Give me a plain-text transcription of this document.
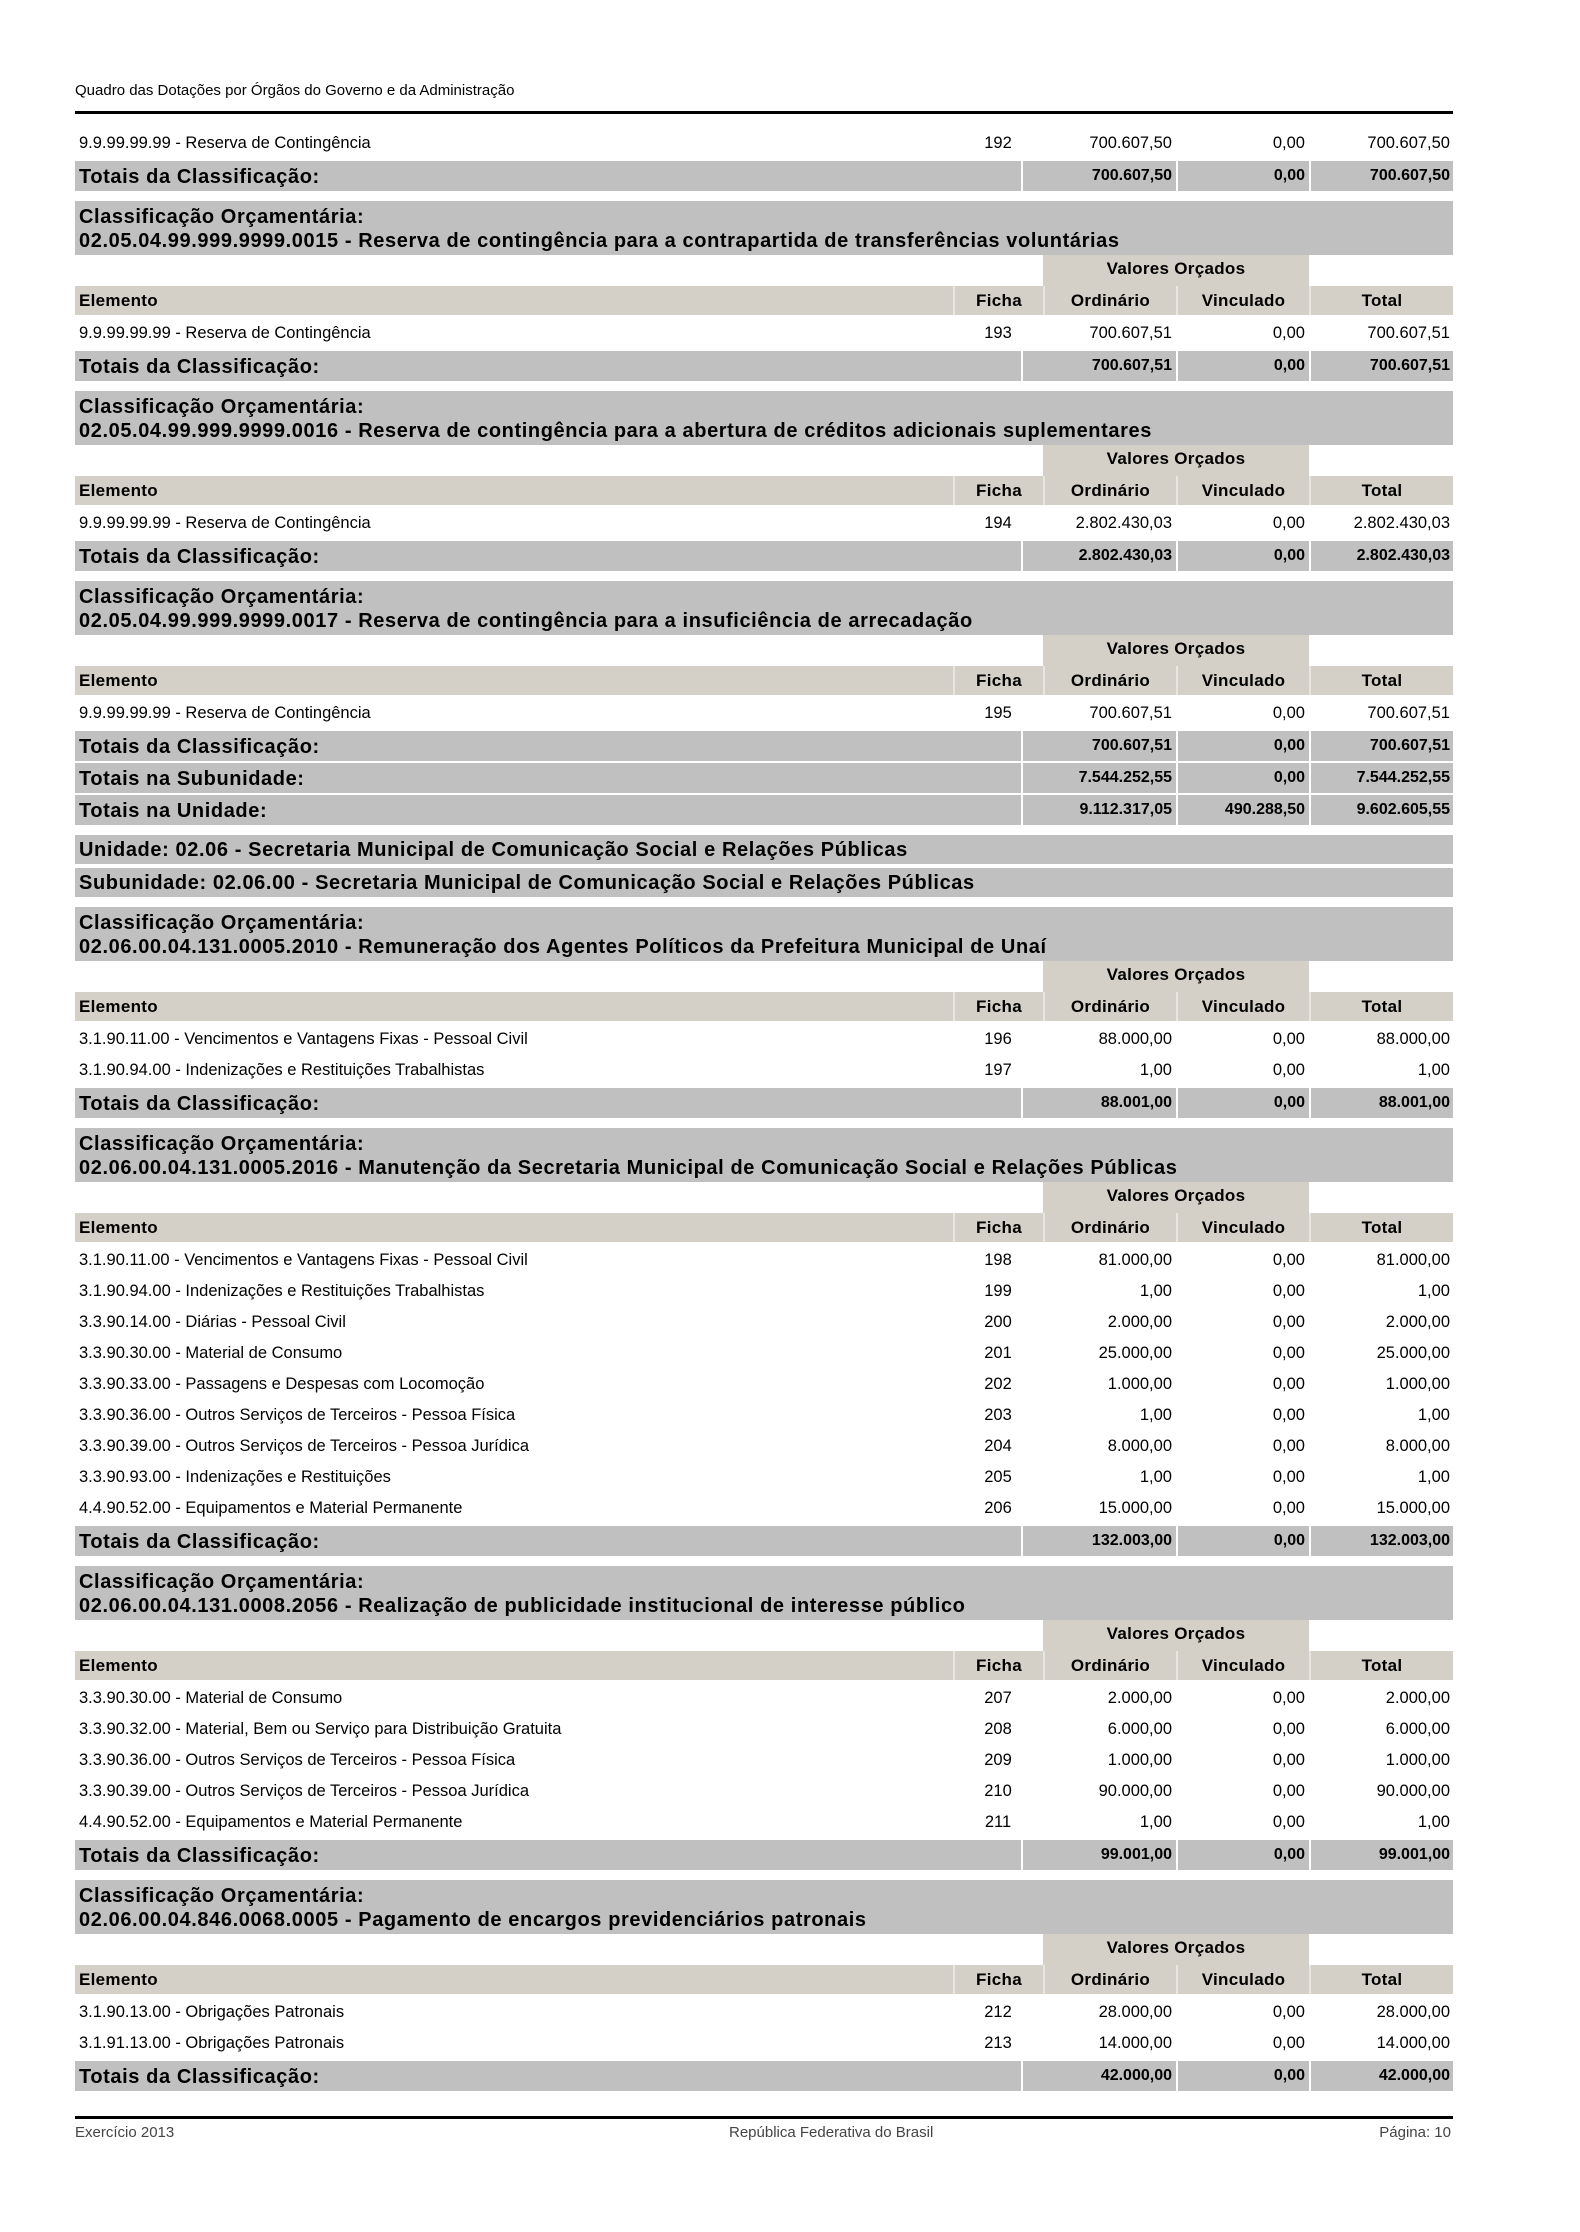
Quadro das Dotações por Órgãos do Governo e da Administração
9.9.99.99.99 - Reserva de Contingência	192	700.607,50	0,00	700.607,50
Totais da Classificação:	700.607,50	0,00	700.607,50
Classificação Orçamentária:
02.05.04.99.999.9999.0015 - Reserva de contingência para a contrapartida de transferências voluntárias
Valores Orçados
Elemento	Ficha	Ordinário	Vinculado	Total
9.9.99.99.99 - Reserva de Contingência	193	700.607,51	0,00	700.607,51
Totais da Classificação:	700.607,51	0,00	700.607,51
Classificação Orçamentária:
02.05.04.99.999.9999.0016 - Reserva de contingência para a abertura de créditos adicionais suplementares
Valores Orçados
Elemento	Ficha	Ordinário	Vinculado	Total
9.9.99.99.99 - Reserva de Contingência	194	2.802.430,03	0,00	2.802.430,03
Totais da Classificação:	2.802.430,03	0,00	2.802.430,03
Classificação Orçamentária:
02.05.04.99.999.9999.0017 - Reserva de contingência para a insuficiência de arrecadação
Valores Orçados
Elemento	Ficha	Ordinário	Vinculado	Total
9.9.99.99.99 - Reserva de Contingência	195	700.607,51	0,00	700.607,51
Totais da Classificação:	700.607,51	0,00	700.607,51
Totais na Subunidade:	7.544.252,55	0,00	7.544.252,55
Totais na Unidade:	9.112.317,05	490.288,50	9.602.605,55
Unidade: 02.06 - Secretaria Municipal de Comunicação Social e Relações Públicas
Subunidade: 02.06.00 - Secretaria Municipal de Comunicação Social e Relações Públicas
Classificação Orçamentária:
02.06.00.04.131.0005.2010 - Remuneração dos Agentes Políticos da Prefeitura Municipal de Unaí
Valores Orçados
Elemento	Ficha	Ordinário	Vinculado	Total
3.1.90.11.00 - Vencimentos e Vantagens Fixas - Pessoal Civil	196	88.000,00	0,00	88.000,00
3.1.90.94.00 - Indenizações e Restituições Trabalhistas	197	1,00	0,00	1,00
Totais da Classificação:	88.001,00	0,00	88.001,00
Classificação Orçamentária:
02.06.00.04.131.0005.2016 - Manutenção da Secretaria Municipal de Comunicação Social e Relações Públicas
Valores Orçados
Elemento	Ficha	Ordinário	Vinculado	Total
3.1.90.11.00 - Vencimentos e Vantagens Fixas - Pessoal Civil	198	81.000,00	0,00	81.000,00
3.1.90.94.00 - Indenizações e Restituições Trabalhistas	199	1,00	0,00	1,00
3.3.90.14.00 - Diárias - Pessoal Civil	200	2.000,00	0,00	2.000,00
3.3.90.30.00 - Material de Consumo	201	25.000,00	0,00	25.000,00
3.3.90.33.00 - Passagens e Despesas com Locomoção	202	1.000,00	0,00	1.000,00
3.3.90.36.00 - Outros Serviços de Terceiros - Pessoa Física	203	1,00	0,00	1,00
3.3.90.39.00 - Outros Serviços de Terceiros - Pessoa Jurídica	204	8.000,00	0,00	8.000,00
3.3.90.93.00 - Indenizações e Restituições	205	1,00	0,00	1,00
4.4.90.52.00 - Equipamentos e Material Permanente	206	15.000,00	0,00	15.000,00
Totais da Classificação:	132.003,00	0,00	132.003,00
Classificação Orçamentária:
02.06.00.04.131.0008.2056 - Realização de publicidade institucional de interesse público
Valores Orçados
Elemento	Ficha	Ordinário	Vinculado	Total
3.3.90.30.00 - Material de Consumo	207	2.000,00	0,00	2.000,00
3.3.90.32.00 - Material, Bem ou Serviço para Distribuição Gratuita	208	6.000,00	0,00	6.000,00
3.3.90.36.00 - Outros Serviços de Terceiros - Pessoa Física	209	1.000,00	0,00	1.000,00
3.3.90.39.00 - Outros Serviços de Terceiros - Pessoa Jurídica	210	90.000,00	0,00	90.000,00
4.4.90.52.00 - Equipamentos e Material Permanente	211	1,00	0,00	1,00
Totais da Classificação:	99.001,00	0,00	99.001,00
Classificação Orçamentária:
02.06.00.04.846.0068.0005 - Pagamento de encargos previdenciários patronais
Valores Orçados
Elemento	Ficha	Ordinário	Vinculado	Total
3.1.90.13.00 - Obrigações Patronais	212	28.000,00	0,00	28.000,00
3.1.91.13.00 - Obrigações Patronais	213	14.000,00	0,00	14.000,00
Totais da Classificação:	42.000,00	0,00	42.000,00
Exercício 2013	República Federativa do Brasil	Página: 10
